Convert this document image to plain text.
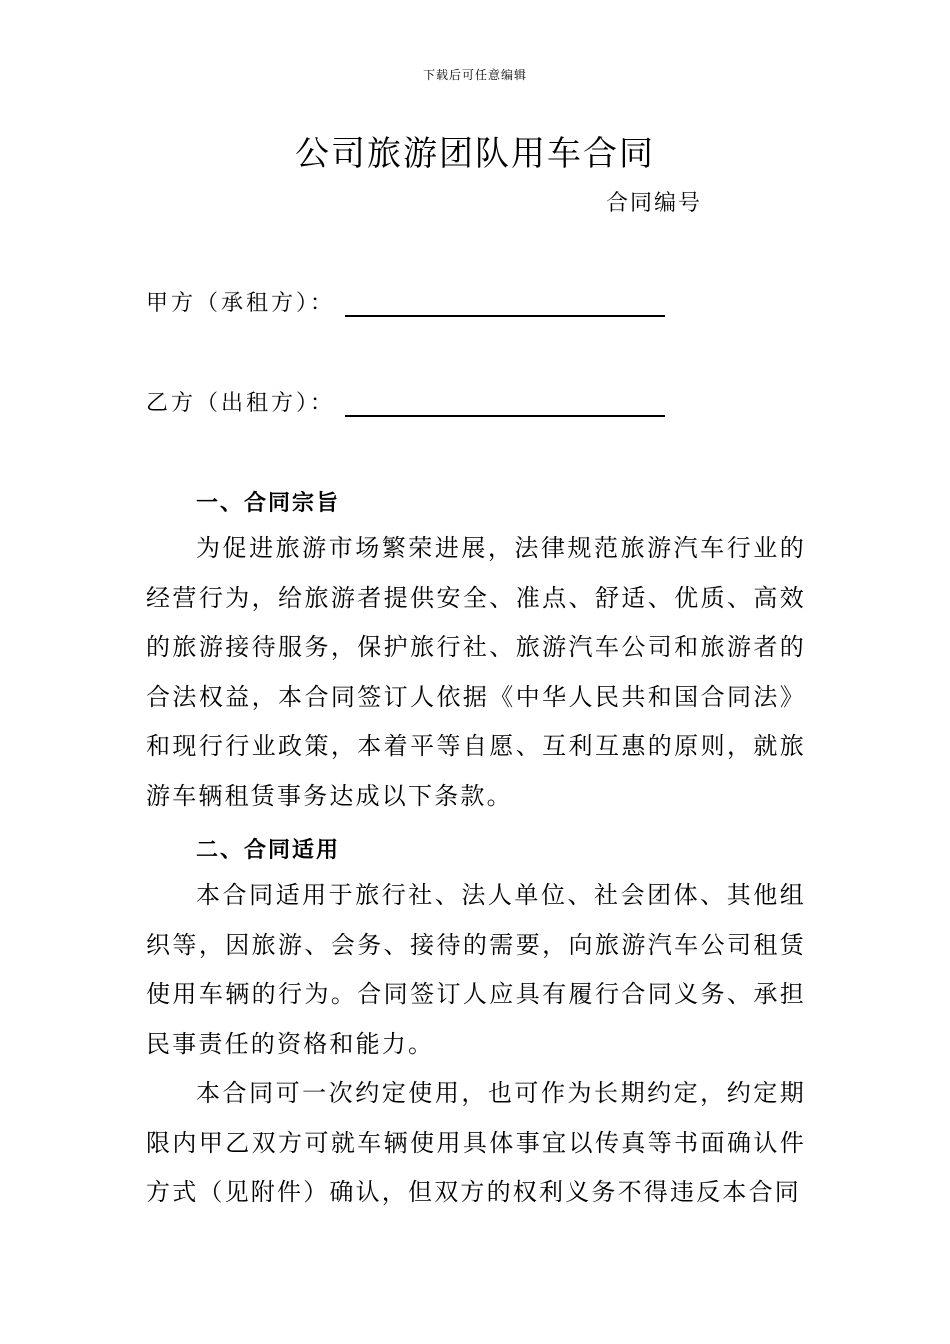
下载后可任意编辑
公司旅游团队用车合同
合同编号
甲方（承租方）：
乙方（出租方）：
一、合同宗旨

为促进旅游市场繁荣进展，法律规范旅游汽车行业的经营行为，给旅游者提供安全、准点、舒适、优质、高效的旅游接待服务，保护旅行社、旅游汽车公司和旅游者的合法权益，本合同签订人依据《中华人民共和国合同法》和现行行业政策，本着平等自愿、互利互惠的原则，就旅游车辆租赁事务达成以下条款。

二、合同适用

本合同适用于旅行社、法人单位、社会团体、其他组织等，因旅游、会务、接待的需要，向旅游汽车公司租赁使用车辆的行为。合同签订人应具有履行合同义务、承担民事责任的资格和能力。

本合同可一次约定使用，也可作为长期约定，约定期限内甲乙双方可就车辆使用具体事宜以传真等书面确认件方式（见附件）确认，但双方的权利义务不得违反本合同
